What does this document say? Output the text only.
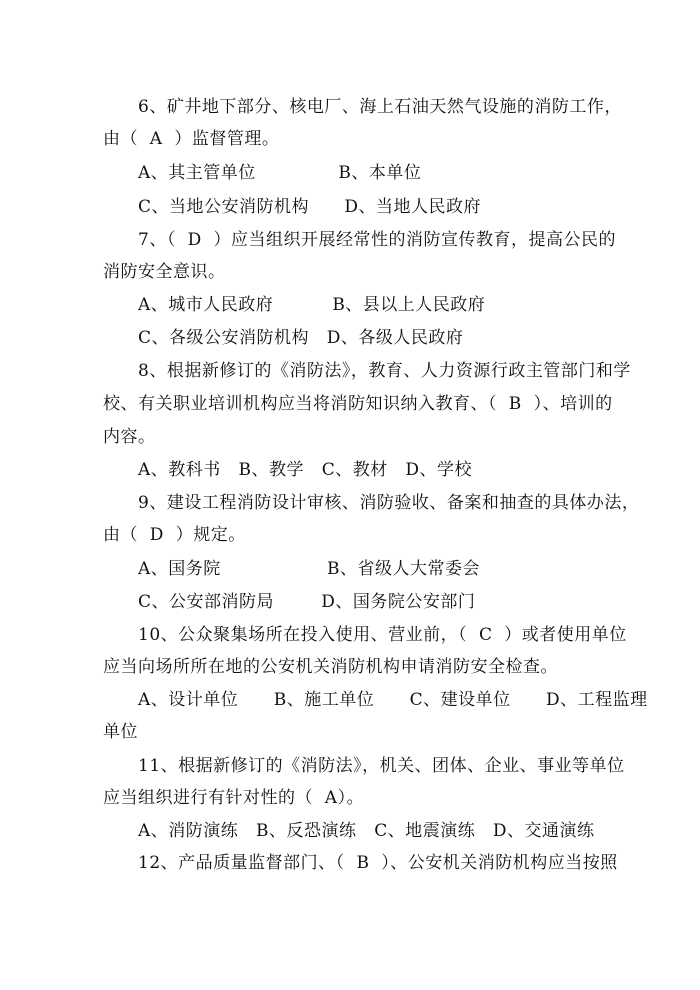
6、矿井地下部分、核电厂、海上石油天然气设施的消防工作，
由（  A  ）监督管理。
A、其主管单位              B、本单位
C、当地公安消防机构      D、当地人民政府
7、（  D  ）应当组织开展经常性的消防宣传教育，提高公民的
消防安全意识。
A、城市人民政府          B、县以上人民政府
C、各级公安消防机构   D、各级人民政府
8、根据新修订的《消防法》，教育、人力资源行政主管部门和学
校、有关职业培训机构应当将消防知识纳入教育、（  B  ）、培训的
内容。
A、教科书   B、教学   C、教材   D、学校
9、建设工程消防设计审核、消防验收、备案和抽查的具体办法，
由（  D  ）规定。
A、国务院                  B、省级人大常委会
C、公安部消防局        D、国务院公安部门
10、公众聚集场所在投入使用、营业前，（  C  ）或者使用单位
应当向场所所在地的公安机关消防机构申请消防安全检查。
A、设计单位      B、施工单位      C、建设单位      D、工程监理
单位
11、根据新修订的《消防法》，机关、团体、企业、事业等单位
应当组织进行有针对性的（  A）。
A、消防演练   B、反恐演练   C、地震演练   D、交通演练
12、产品质量监督部门、（  B  ）、公安机关消防机构应当按照
